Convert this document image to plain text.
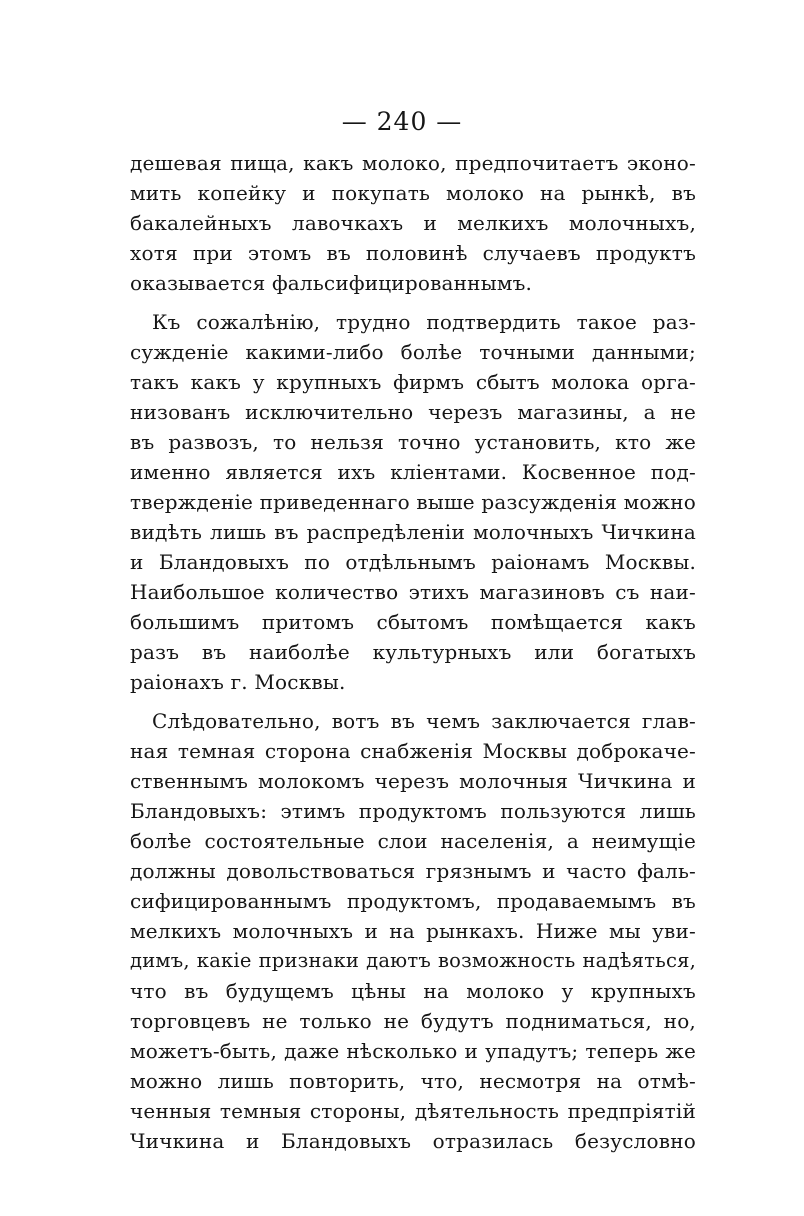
— 240 —
дешевая пища, какъ молоко, предпочитаетъ эконо-
мить копейку и покупать молоко на рынкѣ, въ
бакалейныхъ лавочкахъ и мелкихъ молочныхъ,
хотя при этомъ въ половинѣ случаевъ продуктъ
оказывается фальсифицированнымъ.
Къ сожалѣнію, трудно подтвердить такое раз-
сужденіе какими-либо болѣе точными данными;
такъ какъ у крупныхъ фирмъ сбытъ молока орга-
низованъ исключительно черезъ магазины, а не
въ развозъ, то нельзя точно установить, кто же
именно является ихъ кліентами. Косвенное под-
твержденіе приведеннаго выше разсужденія можно
видѣть лишь въ распредѣленіи молочныхъ Чичкина
и Бландовыхъ по отдѣльнымъ раіонамъ Москвы.
Наибольшое количество этихъ магазиновъ съ наи-
большимъ притомъ сбытомъ помѣщается какъ
разъ въ наиболѣе культурныхъ или богатыхъ
раіонахъ г. Москвы.
Слѣдовательно, вотъ въ чемъ заключается глав-
ная темная сторона снабженія Москвы доброкаче-
ственнымъ молокомъ черезъ молочныя Чичкина и
Бландовыхъ: этимъ продуктомъ пользуются лишь
болѣе состоятельные слои населенія, а неимущіе
должны довольствоваться грязнымъ и часто фаль-
сифицированнымъ продуктомъ, продаваемымъ въ
мелкихъ молочныхъ и на рынкахъ. Ниже мы уви-
димъ, какіе признаки даютъ возможность надѣяться,
что въ будущемъ цѣны на молоко у крупныхъ
торговцевъ не только не будутъ подниматься, но,
можетъ-быть, даже нѣсколько и упадутъ; теперь же
можно лишь повторить, что, несмотря на отмѣ-
ченныя темныя стороны, дѣятельность предпріятій
Чичкина и Бландовыхъ отразилась безусловно
